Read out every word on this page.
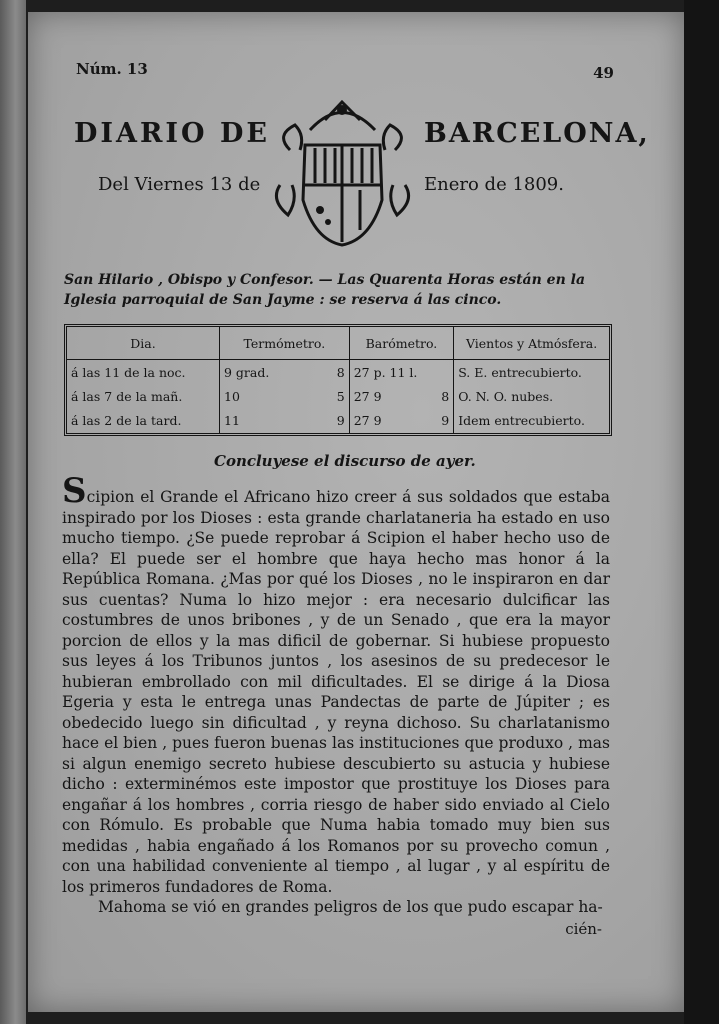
Núm. 13	49
DIARIO DE	BARCELONA,
Del Viernes 13 de	Enero de 1809.
San Hilario , Obispo y Confesor. — Las Quarenta Horas están en la Iglesia parroquial de San Jayme : se reserva á las cinco.
Dia.	Termómetro.		Barómetro.		Vientos y Atmósfera.
á las 11 de la noc.	9 grad.	8	27 p. 11 l.		S. E. entrecubierto.
á las 7 de la mañ.	10	5	27 9	8	O. N. O. nubes.
á las 2 de la tard.	11	9	27 9	9	Idem entrecubierto.
Concluyese el discurso de ayer.

Scipion el Grande el Africano hizo creer á sus soldados que estaba inspirado por los Dioses : esta grande charlataneria ha estado en uso mucho tiempo. ¿Se puede reprobar á Scipion el haber hecho uso de ella? El puede ser el hombre que haya hecho mas honor á la República Romana. ¿Mas por qué los Dioses , no le inspiraron en dar sus cuentas? Numa lo hizo mejor : era necesario dulcificar las costumbres de unos bribones , y de un Senado , que era la mayor porcion de ellos y la mas dificil de gobernar. Si hubiese propuesto sus leyes á los Tribunos juntos , los asesinos de su predecesor le hubieran embrollado con mil dificultades. El se dirige á la Diosa Egeria y esta le entrega unas Pandectas de parte de Júpiter ; es obedecido luego sin dificultad , y reyna dichoso. Su charlatanismo hace el bien , pues fueron buenas las instituciones que produxo , mas si algun enemigo secreto hubiese descubierto su astucia y hubiese dicho : exterminémos este impostor que prostituye los Dioses para engañar á los hombres , corria riesgo de haber sido enviado al Cielo con Rómulo. Es probable que Numa habia tomado muy bien sus medidas , habia engañado á los Romanos por su provecho comun , con una habilidad conveniente al tiempo , al lugar , y al espíritu de los primeros fundadores de Roma.

Mahoma se vió en grandes peligros de los que pudo escapar ha-

cién-
